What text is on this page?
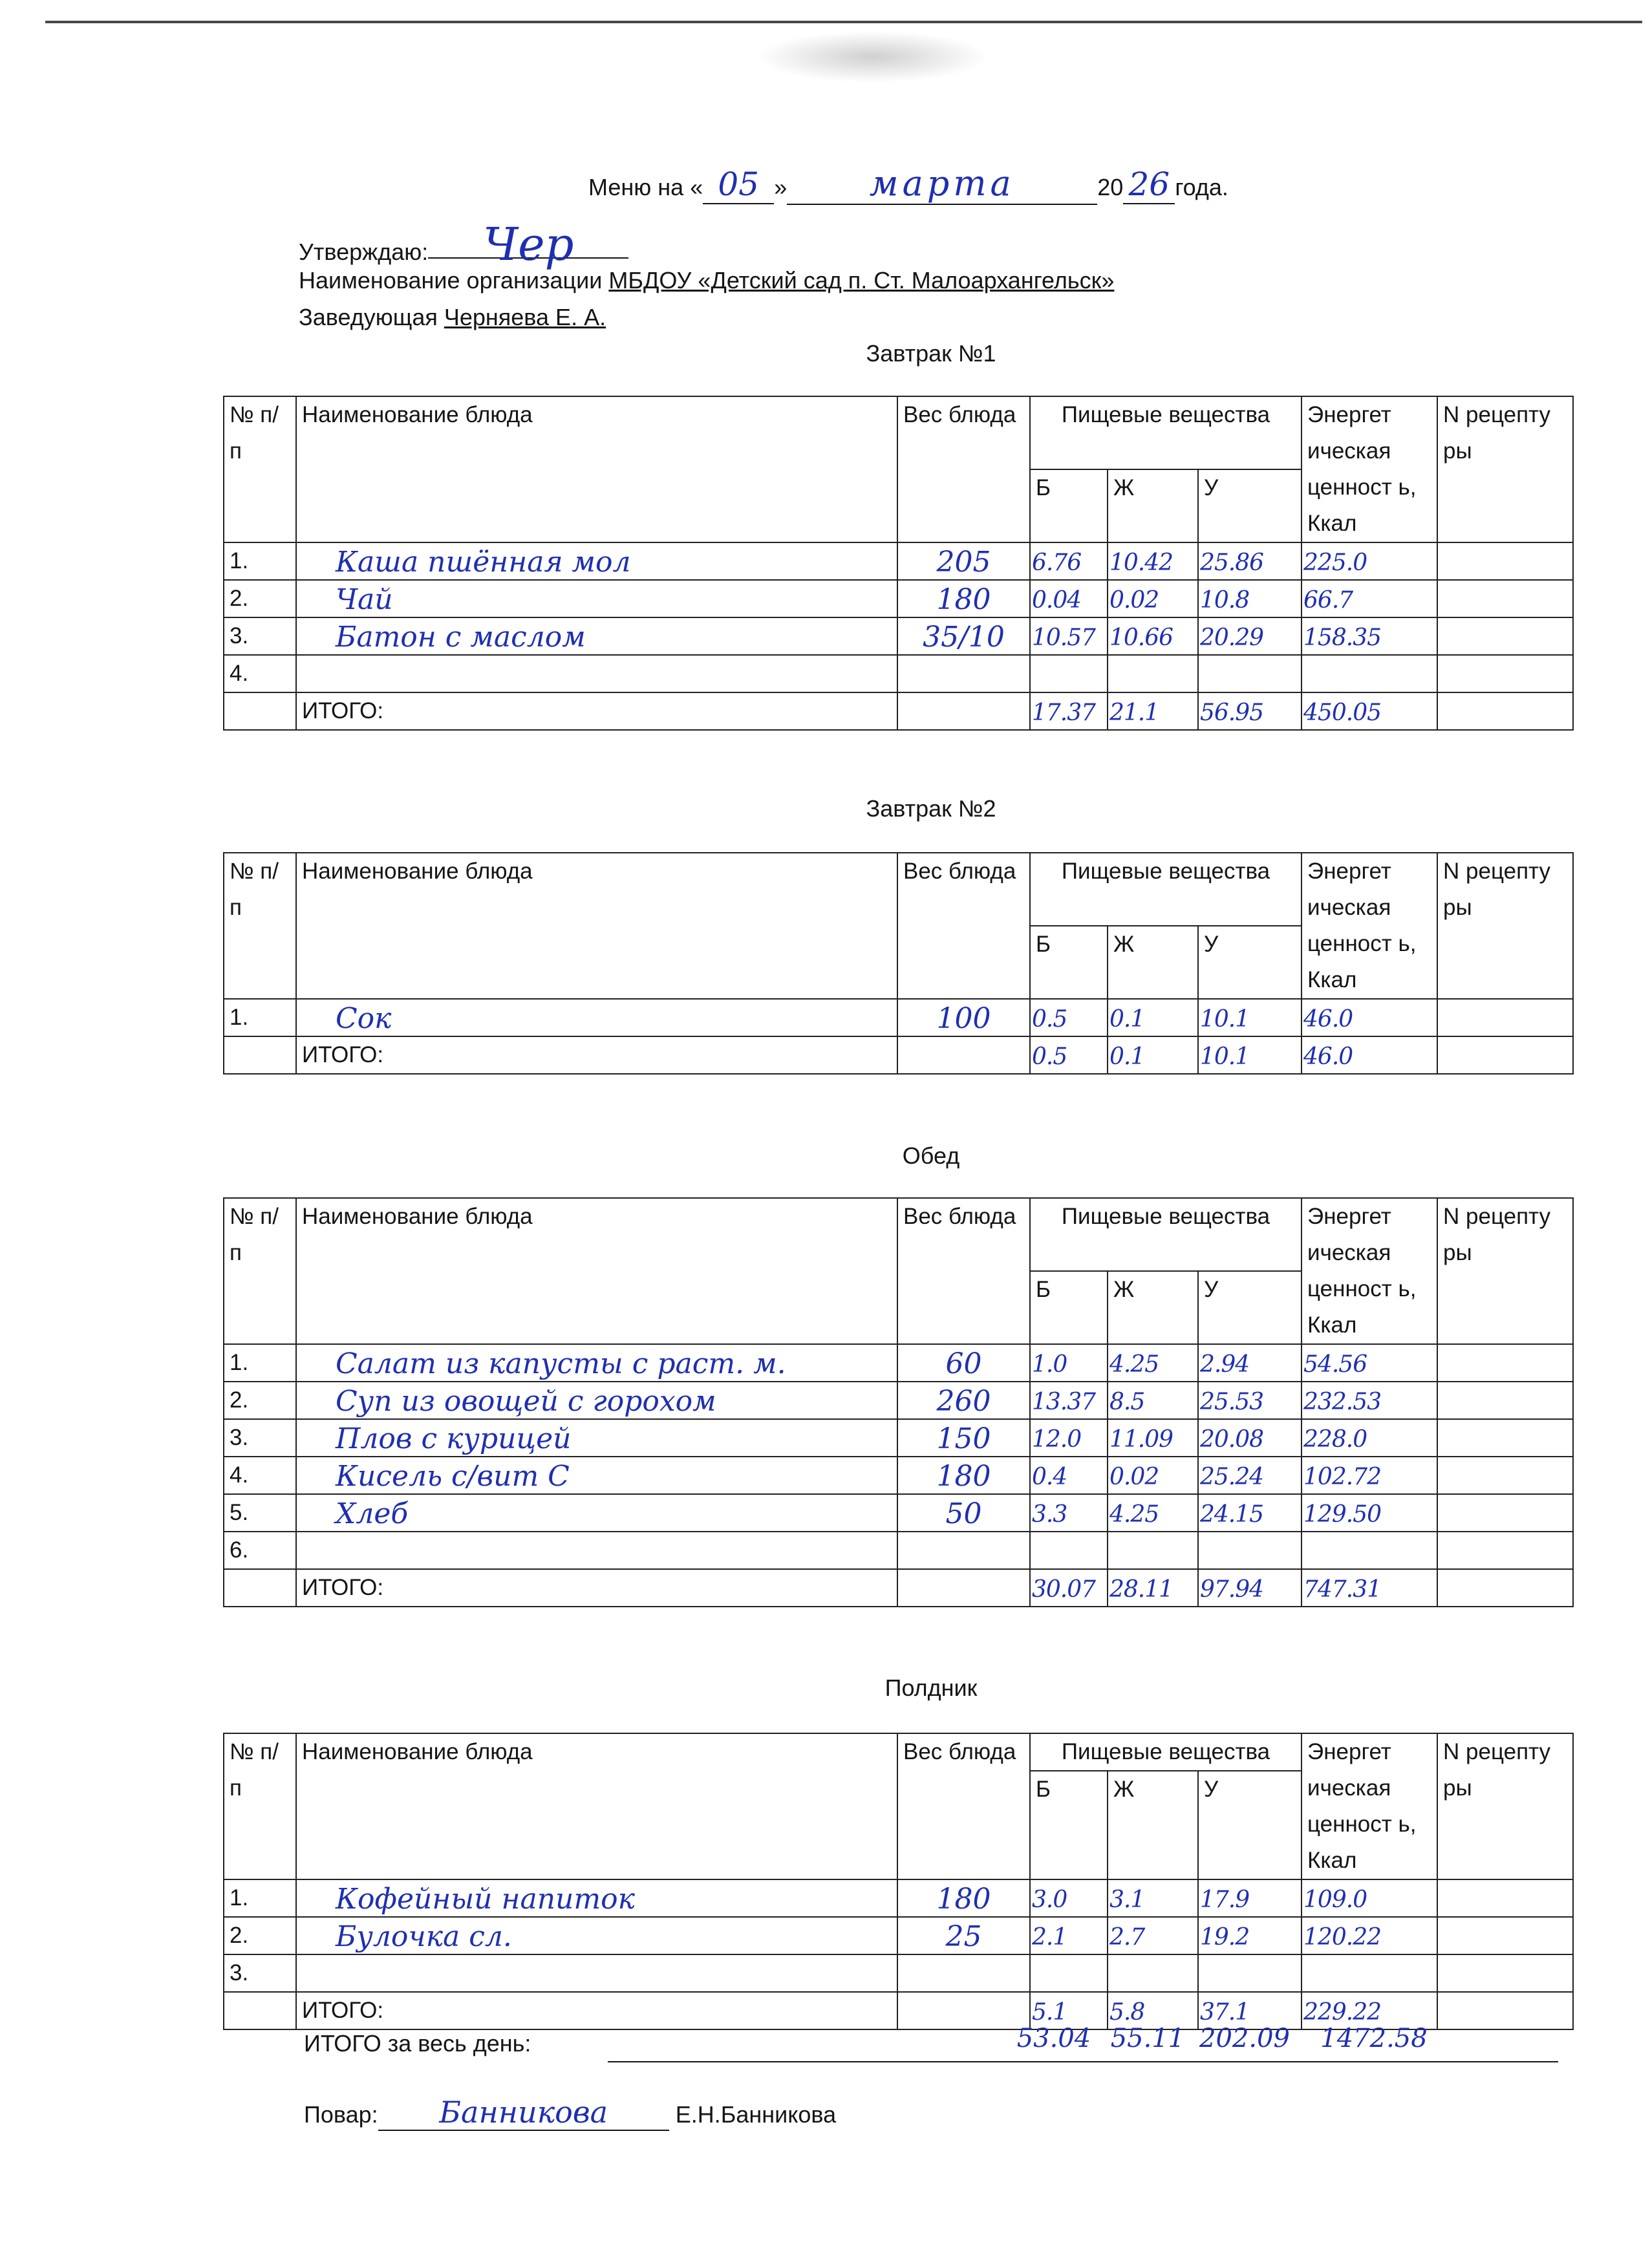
Меню на « 05 » марта	20 26 года.
Утверждаю: Чер
Наименование организации МБДОУ «Детский сад п. Ст. Малоархангельск»
Заведующая Черняева Е. А.
Завтрак №1
Завтрак №2
Обед
Полдник
№ п/п	Наименование блюда	Вес блюда	Пищевые вещества			Энергет ическая ценност ь, Ккал	N рецепту ры
			Б	Ж	У		
1.	Каша пшённая мол	205	6.76	10.42	25.86	225.0	
2.	Чай	180	0.04	0.02	10.8	66.7	
3.	Батон с маслом	35/10	10.57	10.66	20.29	158.35	
4.							
	ИТОГО:		17.37	21.1	56.95	450.05	
№ п/п	Наименование блюда	Вес блюда	Пищевые вещества			Энергет ическая ценност ь, Ккал	N рецепту ры
			Б	Ж	У		
1.	Сок	100	0.5	0.1	10.1	46.0	
	ИТОГО:		0.5	0.1	10.1	46.0	
№ п/п	Наименование блюда	Вес блюда	Пищевые вещества			Энергет ическая ценност ь, Ккал	N рецепту ры
			Б	Ж	У		
1.	Салат из капусты с раст. м.	60	1.0	4.25	2.94	54.56	
2.	Суп из овощей с горохом	260	13.37	8.5	25.53	232.53	
3.	Плов с курицей	150	12.0	11.09	20.08	228.0	
4.	Кисель с/вит С	180	0.4	0.02	25.24	102.72	
5.	Хлеб	50	3.3	4.25	24.15	129.50	
6.							
	ИТОГО:		30.07	28.11	97.94	747.31	
№ п/п	Наименование блюда	Вес блюда	Пищевые вещества			Энергет ическая ценност ь, Ккал	N рецепту ры
			Б	Ж	У		
1.	Кофейный напиток	180	3.0	3.1	17.9	109.0	
2.	Булочка сл.	25	2.1	2.7	19.2	120.22	
3.							
	ИТОГО:		5.1	5.8	37.1	229.22	
ИТОГО за весь день:	53.04 55.11 202.09	1472.58
Повар: Банникова	Е.Н.Банникова
